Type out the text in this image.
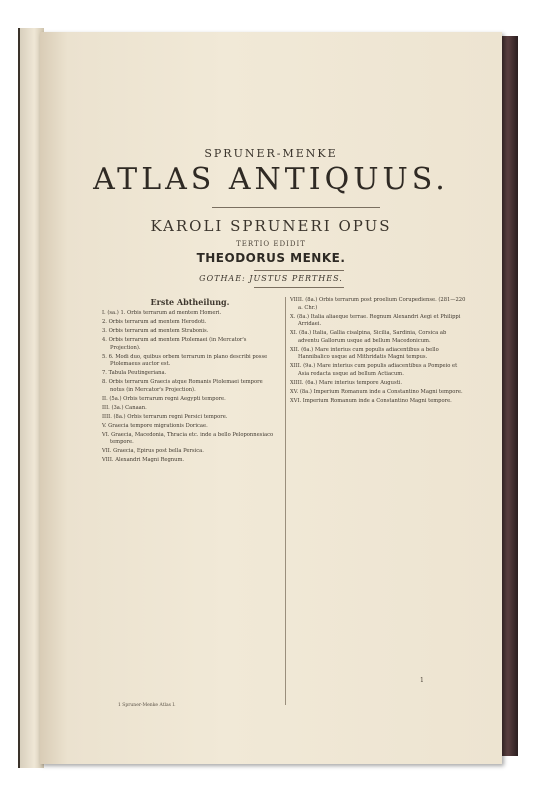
SPRUNER-MENKE
ATLAS ANTIQUUS.
KAROLI SPRUNERI OPUS
TERTIO EDIDIT
THEODORUS MENKE.
GOTHAE: JUSTUS PERTHES.
Erste Abtheilung.
I. (sa.) 1. Orbis terrarum ad mentem Homeri.
2. Orbis terrarum ad mentem Herodoti.
3. Orbis terrarum ad mentem Strabonis.
4. Orbis terrarum ad mentem Ptolemaei (in Mercator's Projection).
5. 6. Modi duo, quibus orbem terrarum in plano describi posse Ptolemaeus auctor est.
7. Tabula Peutingeriana.
8. Orbis terrarum Graecis atque Romanis Ptolemaei tempore notus (in Mercator's Projection).
II. (5a.) Orbis terrarum regni Aegypti tempore.
III. (3a.) Canaan.
IIII. (8a.) Orbis terrarum regni Persici tempore.
V. Graecia tempore migrationis Doricae.
VI. Graecia, Macedonia, Thracia etc. inde a bello Peloponnesiaco tempore.
VII. Graecia, Epirus post bella Persica.
VIII. Alexandri Magni Regnum.
VIIII. (8a.) Orbis terrarum post proelium Corupediense. (281—220 a. Chr.)
X. (8a.) Italia aliaeque terrae. Regnum Alexandri Aegi et Philippi Arridaei.
XI. (8a.) Italia, Gallia cisalpina, Sicilia, Sardinia, Corsica ab adventu Gallorum usque ad bellum Macedonicum.
XII. (6a.) Mare interius cum populis adiacentibus a bello Hannibalico usque ad Mithridatis Magni tempus.
XIII. (9a.) Mare interius cum populis adiacentibus a Pompeio et Asia redacta usque ad bellum Actiacum.
XIIII. (6a.) Mare interius tempore Augusti.
XV. (8a.) Imperium Romanum inde a Constantino Magni tempore.
XVI. Imperium Romanum inde a Constantino Magni tempore.
1
1 Spruner-Menke Atlas I.
